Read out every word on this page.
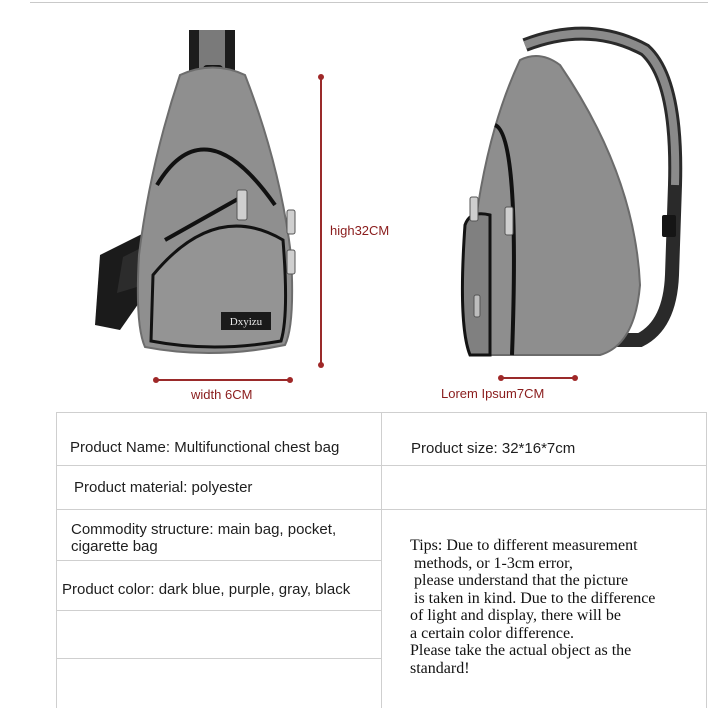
Dxyizu
high32CM
width 6CM	Lorem Ipsum7CM
Product Name: Multifunctional chest bag	Product size: 32*16*7cm
Product material: polyester
Commodity structure: main bag, pocket,
cigarette bag
Product color: dark blue, purple, gray, black
Tips: Due to different measurement
methods, or 1-3cm error,
please understand that the picture
is taken in kind. Due to the difference
of light and display, there will be
a certain color difference.
Please take the actual object as the
standard!
